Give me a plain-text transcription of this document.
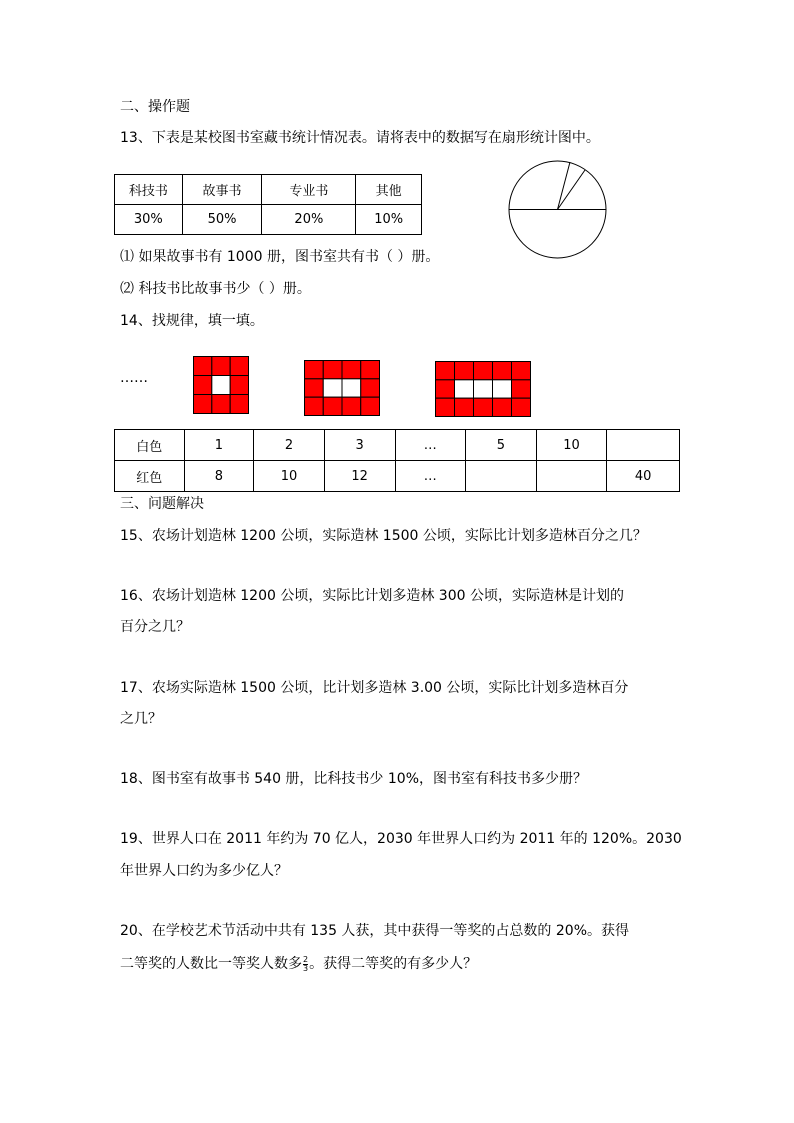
二、操作题
13、下表是某校图书室藏书统计情况表。请将表中的数据写在扇形统计图中。
科技书	故事书	专业书	其他
30%	50%	20%	10%
⑴ 如果故事书有 1000 册，图书室共有书（ ）册。
⑵ 科技书比故事书少（ ）册。
14、找规律，填一填。
……
白色	1	2	3	…	5	10	
红色	8	10	12	…			40
三、问题解决
15、农场计划造林 1200 公顷，实际造林 1500 公顷，实际比计划多造林百分之几？
16、农场计划造林 1200 公顷，实际比计划多造林 300 公顷，实际造林是计划的
百分之几？
17、农场实际造林 1500 公顷，比计划多造林 3.00 公顷，实际比计划多造林百分
之几？
18、图书室有故事书 540 册，比科技书少 10%，图书室有科技书多少册？
19、世界人口在 2011 年约为 70 亿人，2030 年世界人口约为 2011 年的 120%。2030
年世界人口约为多少亿人？
20、在学校艺术节活动中共有 135 人获，其中获得一等奖的占总数的 20%。获得
二等奖的人数比一等奖人数多 $\frac{2}{3}$ 。获得二等奖的有多少人？
